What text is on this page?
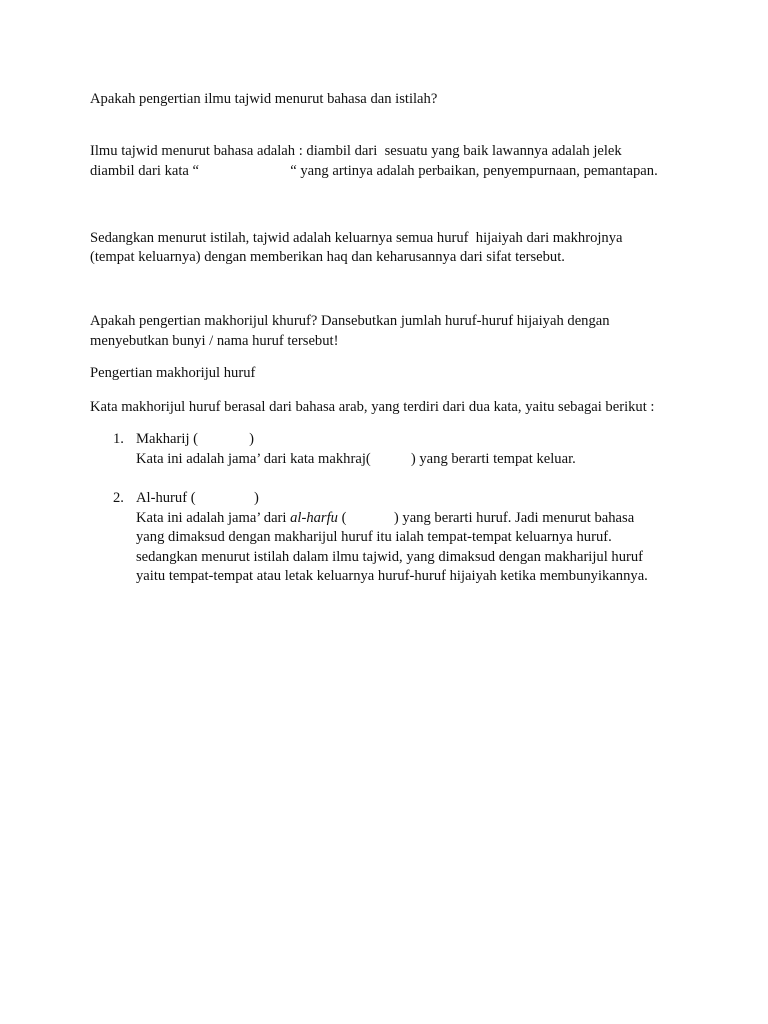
Apakah pengertian ilmu tajwid menurut bahasa dan istilah?
Ilmu tajwid menurut bahasa adalah : diambil dari  sesuatu yang baik lawannya adalah jelek
diambil dari kata “                         “ yang artinya adalah perbaikan, penyempurnaan, pemantapan.
Sedangkan menurut istilah, tajwid adalah keluarnya semua huruf  hijaiyah dari makhrojnya
(tempat keluarnya) dengan memberikan haq dan keharusannya dari sifat tersebut.
Apakah pengertian makhorijul khuruf? Dansebutkan jumlah huruf-huruf hijaiyah dengan
menyebutkan bunyi / nama huruf tersebut!
Pengertian makhorijul huruf
Kata makhorijul huruf berasal dari bahasa arab, yang terdiri dari dua kata, yaitu sebagai berikut :
1. Makharij (              )
Kata ini adalah jama’ dari kata makhraj(           ) yang berarti tempat keluar.
2. Al-huruf (                )
Kata ini adalah jama’ dari al-harfu (             ) yang berarti huruf. Jadi menurut bahasa
yang dimaksud dengan makharijul huruf itu ialah tempat-tempat keluarnya huruf.
sedangkan menurut istilah dalam ilmu tajwid, yang dimaksud dengan makharijul huruf
yaitu tempat-tempat atau letak keluarnya huruf-huruf hijaiyah ketika membunyikannya.
